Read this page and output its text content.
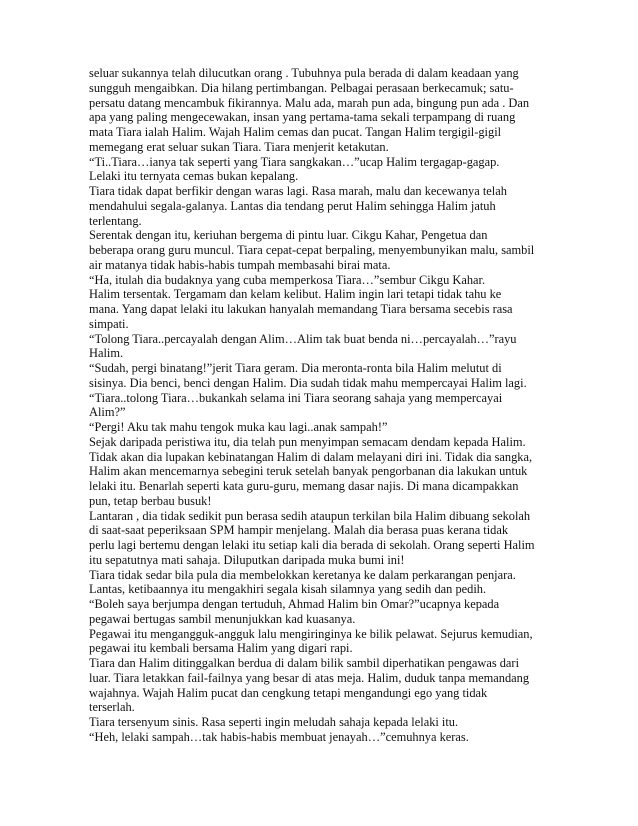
seluar sukannya telah dilucutkan orang . Tubuhnya pula berada di dalam keadaan yang
sungguh mengaibkan. Dia hilang pertimbangan. Pelbagai perasaan berkecamuk; satu-
persatu datang mencambuk fikirannya. Malu ada, marah pun ada, bingung pun ada . Dan
apa yang paling mengecewakan, insan yang pertama-tama sekali terpampang di ruang
mata Tiara ialah Halim. Wajah Halim cemas dan pucat. Tangan Halim tergigil-gigil
memegang erat seluar sukan Tiara. Tiara menjerit ketakutan.
“Ti..Tiara…ianya tak seperti yang Tiara sangkakan…”ucap Halim tergagap-gagap.
Lelaki itu ternyata cemas bukan kepalang.
Tiara tidak dapat berfikir dengan waras lagi. Rasa marah, malu dan kecewanya telah
mendahului segala-galanya. Lantas dia tendang perut Halim sehingga Halim jatuh
terlentang.
Serentak dengan itu, keriuhan bergema di pintu luar. Cikgu Kahar, Pengetua dan
beberapa orang guru muncul. Tiara cepat-cepat berpaling, menyembunyikan malu, sambil
air matanya tidak habis-habis tumpah membasahi birai mata.
“Ha, itulah dia budaknya yang cuba memperkosa Tiara…”sembur Cikgu Kahar.
Halim tersentak. Tergamam dan kelam kelibut. Halim ingin lari tetapi tidak tahu ke
mana. Yang dapat lelaki itu lakukan hanyalah memandang Tiara bersama secebis rasa
simpati.
“Tolong Tiara..percayalah dengan Alim…Alim tak buat benda ni…percayalah…”rayu
Halim.
“Sudah, pergi binatang!”jerit Tiara geram. Dia meronta-ronta bila Halim melutut di
sisinya. Dia benci, benci dengan Halim. Dia sudah tidak mahu mempercayai Halim lagi.
“Tiara..tolong Tiara…bukankah selama ini Tiara seorang sahaja yang mempercayai
Alim?”
“Pergi! Aku tak mahu tengok muka kau lagi..anak sampah!”
Sejak daripada peristiwa itu, dia telah pun menyimpan semacam dendam kepada Halim.
Tidak akan dia lupakan kebinatangan Halim di dalam melayani diri ini. Tidak dia sangka,
Halim akan mencemarnya sebegini teruk setelah banyak pengorbanan dia lakukan untuk
lelaki itu. Benarlah seperti kata guru-guru, memang dasar najis. Di mana dicampakkan
pun, tetap berbau busuk!
Lantaran , dia tidak sedikit pun berasa sedih ataupun terkilan bila Halim dibuang sekolah
di saat-saat peperiksaan SPM hampir menjelang. Malah dia berasa puas kerana tidak
perlu lagi bertemu dengan lelaki itu setiap kali dia berada di sekolah. Orang seperti Halim
itu sepatutnya mati sahaja. Diluputkan daripada muka bumi ini!
Tiara tidak sedar bila pula dia membelokkan keretanya ke dalam perkarangan penjara.
Lantas, ketibaannya itu mengakhiri segala kisah silamnya yang sedih dan pedih.
“Boleh saya berjumpa dengan tertuduh, Ahmad Halim bin Omar?”ucapnya kepada
pegawai bertugas sambil menunjukkan kad kuasanya.
Pegawai itu mengangguk-angguk lalu mengiringinya ke bilik pelawat. Sejurus kemudian,
pegawai itu kembali bersama Halim yang digari rapi.
Tiara dan Halim ditinggalkan berdua di dalam bilik sambil diperhatikan pengawas dari
luar. Tiara letakkan fail-failnya yang besar di atas meja. Halim, duduk tanpa memandang
wajahnya. Wajah Halim pucat dan cengkung tetapi mengandungi ego yang tidak
terserlah.
Tiara tersenyum sinis. Rasa seperti ingin meludah sahaja kepada lelaki itu.
“Heh, lelaki sampah…tak habis-habis membuat jenayah…”cemuhnya keras.
